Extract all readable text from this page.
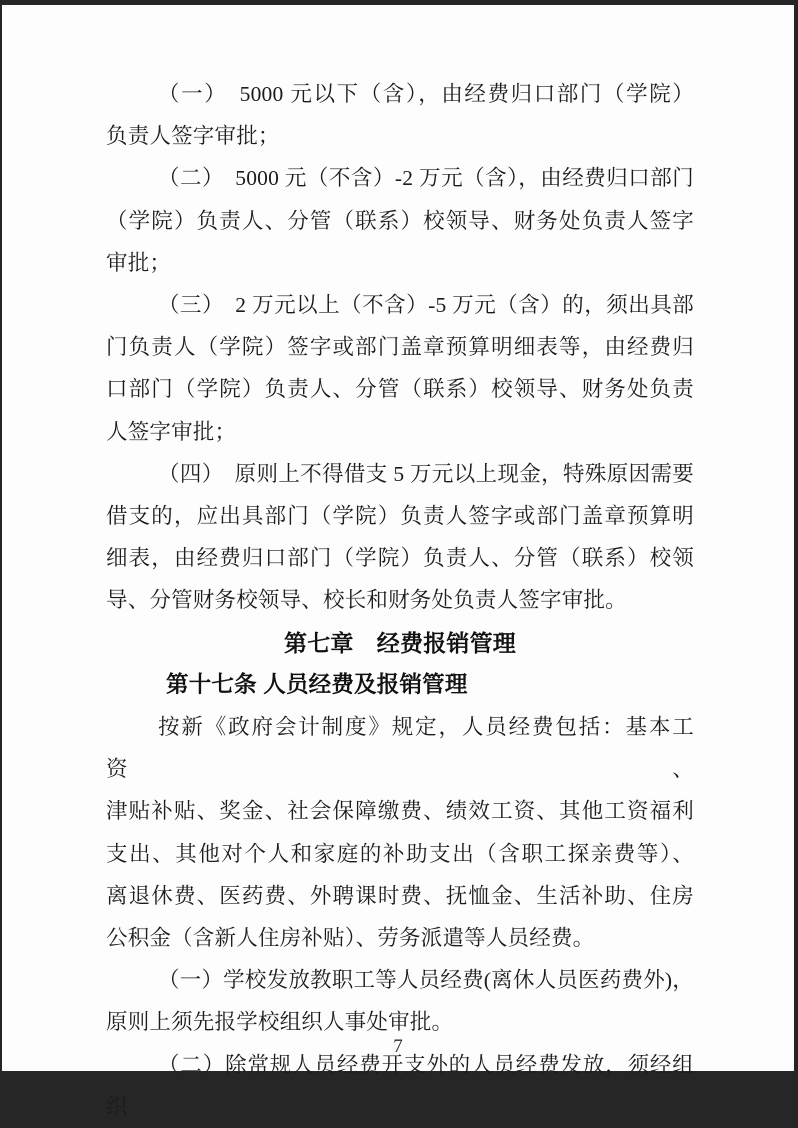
（一）　5000 元以下（含），由经费归口部门（学院）
负责人签字审批；
（二）　5000 元（不含）-2 万元（含），由经费归口部门
（学院）负责人、分管（联系）校领导、财务处负责人签字
审批；
（三）　2 万元以上（不含）-5 万元（含）的，须出具部
门负责人（学院）签字或部门盖章预算明细表等，由经费归
口部门（学院）负责人、分管（联系）校领导、财务处负责
人签字审批；
（四）　原则上不得借支 5 万元以上现金，特殊原因需要
借支的，应出具部门（学院）负责人签字或部门盖章预算明
细表，由经费归口部门（学院）负责人、分管（联系）校领
导、分管财务校领导、校长和财务处负责人签字审批。
第七章　经费报销管理
第十七条 人员经费及报销管理
按新《政府会计制度》规定，人员经费包括：基本工资、
津贴补贴、奖金、社会保障缴费、绩效工资、其他工资福利
支出、其他对个人和家庭的补助支出（含职工探亲费等）、
离退休费、医药费、外聘课时费、抚恤金、生活补助、住房
公积金（含新人住房补贴）、劳务派遣等人员经费。
（一）学校发放教职工等人员经费(离休人员医药费外)，
原则上须先报学校组织人事处审批。
（二）除常规人员经费开支外的人员经费发放，须经组织
7
